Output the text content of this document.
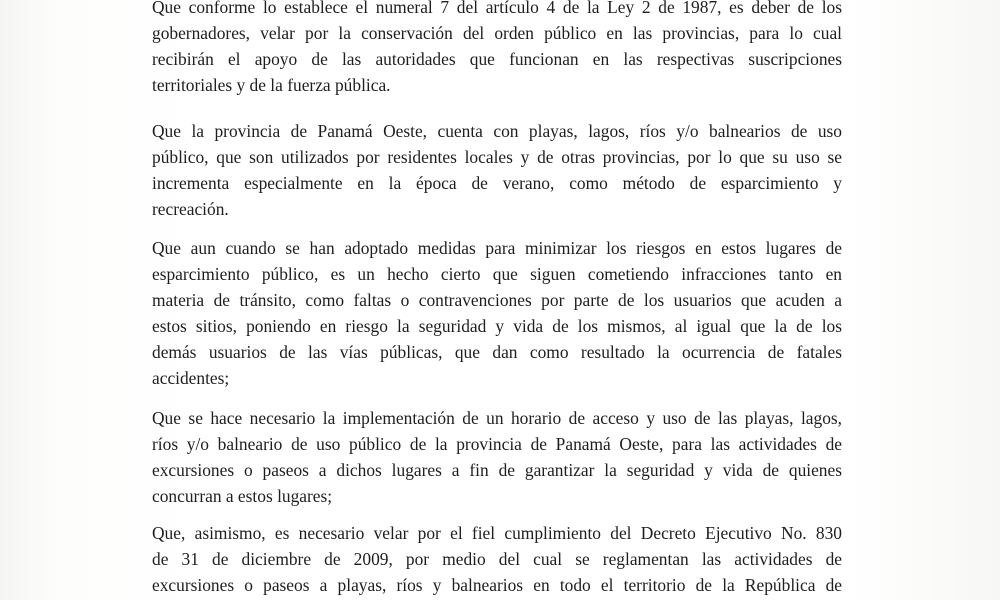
Que conforme lo establece el numeral 7 del artículo 4 de la Ley 2 de 1987, es deber de los
gobernadores, velar por la conservación del orden público en las provincias, para lo cual
recibirán el apoyo de las autoridades que funcionan en las respectivas suscripciones
territoriales y de la fuerza pública.
Que la provincia de Panamá Oeste, cuenta con playas, lagos, ríos y/o balnearios de uso
público, que son utilizados por residentes locales y de otras provincias, por lo que su uso se
incrementa especialmente en la época de verano, como método de esparcimiento y
recreación.
Que aun cuando se han adoptado medidas para minimizar los riesgos en estos lugares de
esparcimiento público, es un hecho cierto que siguen cometiendo infracciones tanto en
materia de tránsito, como faltas o contravenciones por parte de los usuarios que acuden a
estos sitios, poniendo en riesgo la seguridad y vida de los mismos, al igual que la de los
demás usuarios de las vías públicas, que dan como resultado la ocurrencia de fatales
accidentes;
Que se hace necesario la implementación de un horario de acceso y uso de las playas, lagos,
ríos y/o balneario de uso público de la provincia de Panamá Oeste, para las actividades de
excursiones o paseos a dichos lugares a fin de garantizar la seguridad y vida de quienes
concurran a estos lugares;
Que, asimismo, es necesario velar por el fiel cumplimiento del Decreto Ejecutivo No. 830
de 31 de diciembre de 2009, por medio del cual se reglamentan las actividades de
excursiones o paseos a playas, ríos y balnearios en todo el territorio de la República de
